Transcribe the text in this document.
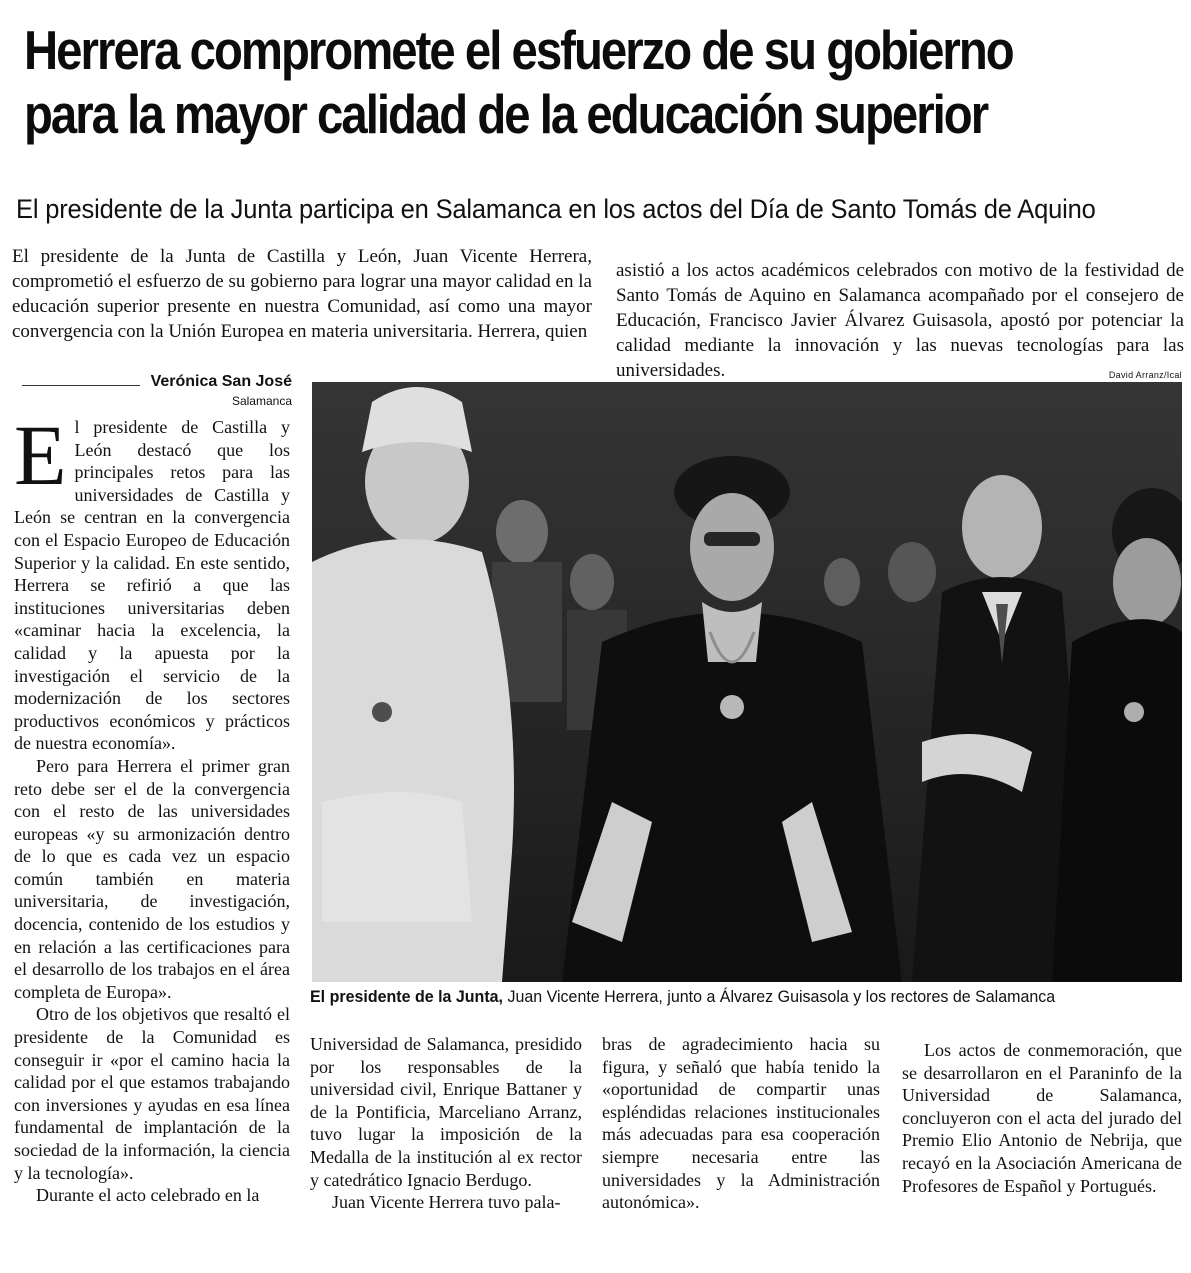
Herrera compromete el esfuerzo de su gobierno
para la mayor calidad de la educación superior
El presidente de la Junta participa en Salamanca en los actos del Día de Santo Tomás de Aquino

El presidente de la Junta de Castilla y León, Juan Vicente Herrera, comprometió el esfuerzo de su gobierno para lograr una mayor calidad en la educación superior presente en nuestra Comunidad, así como una mayor convergencia con la Unión Europea en materia universitaria. Herrera, quien

asistió a los actos académicos celebrados con motivo de la festividad de Santo Tomás de Aquino en Salamanca acompañado por el consejero de Educación, Francisco Javier Álvarez Guisasola, apostó por potenciar la calidad mediante la innovación y las nuevas tecnologías para las universidades.

Verónica San José
Salamanca

El presidente de Castilla y León destacó que los principales retos para las universidades de Castilla y León se centran en la convergencia con el Espacio Europeo de Educación Superior y la calidad. En este sentido, Herrera se refirió a que las instituciones universitarias deben «caminar hacia la excelencia, la calidad y la apuesta por la investigación el servicio de la modernización de los sectores productivos económicos y prácticos de nuestra economía».

Pero para Herrera el primer gran reto debe ser el de la convergencia con el resto de las universidades europeas «y su armonización dentro de lo que es cada vez un espacio común también en materia universitaria, de investigación, docencia, contenido de los estudios y en relación a las certificaciones para el desarrollo de los trabajos en el área completa de Europa».

Otro de los objetivos que resaltó el presidente de la Comunidad es conseguir ir «por el camino hacia la calidad por el que estamos trabajando con inversiones y ayudas en esa línea fundamental de implantación de la sociedad de la información, la ciencia y la tecnología».

Durante el acto celebrado en la

David Arranz/Ical
El presidente de la Junta, Juan Vicente Herrera, junto a Álvarez Guisasola y los rectores de Salamanca

Universidad de Salamanca, presidido por los responsables de la universidad civil, Enrique Battaner y de la Pontificia, Marceliano Arranz, tuvo lugar la imposición de la Medalla de la institución al ex rector y catedrático Ignacio Berdugo.

Juan Vicente Herrera tuvo pala-

bras de agradecimiento hacia su figura, y señaló que había tenido la «oportunidad de compartir unas espléndidas relaciones institucionales más adecuadas para esa cooperación siempre necesaria entre las universidades y la Administración autonómica».

Los actos de conmemoración, que se desarrollaron en el Paraninfo de la Universidad de Salamanca, concluyeron con el acta del jurado del Premio Elio Antonio de Nebrija, que recayó en la Asociación Americana de Profesores de Español y Portugués.
